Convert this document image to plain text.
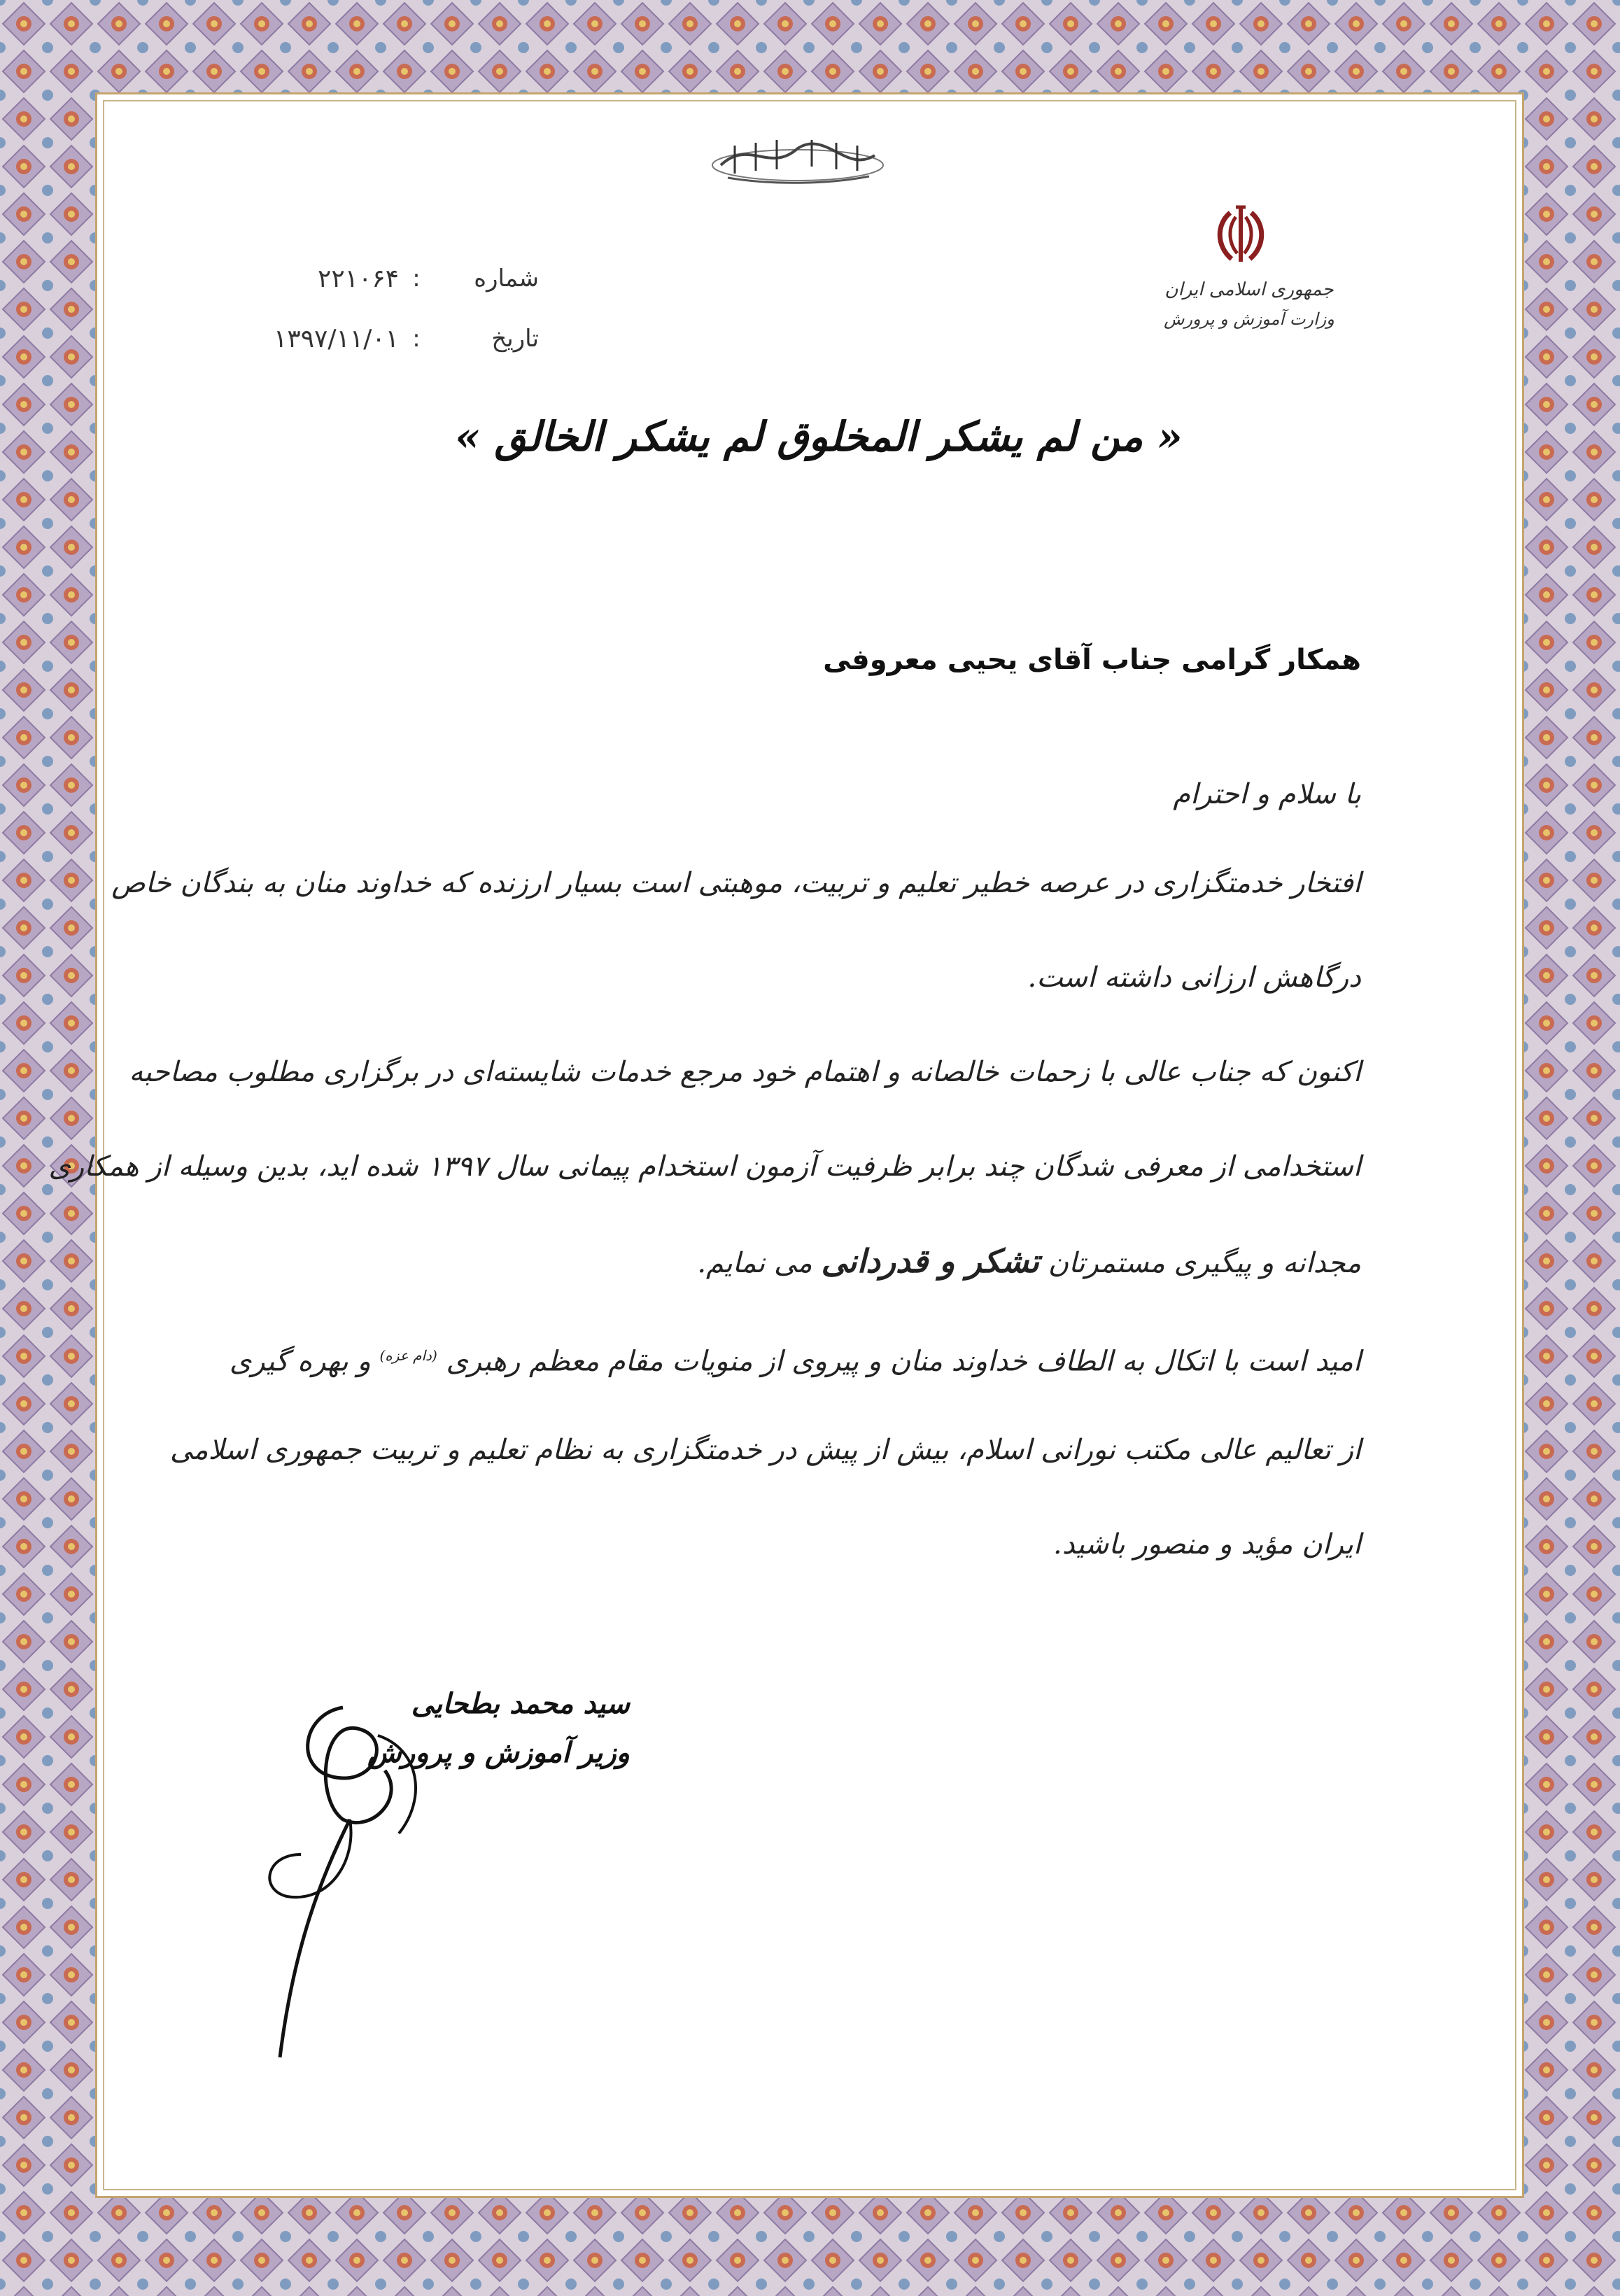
جمهوری اسلامی ایران
وزارت آموزش و پرورش
شماره
:
۲۲۱۰۶۴
تاریخ
:
۱۳۹۷/۱۱/۰۱
« من لم یشکر المخلوق لم یشکر الخالق »
همکار گرامی جناب آقای یحیی معروفی
با سلام و احترام
افتخار خدمتگزاری در عرصه خطیر تعلیم و تربیت، موهبتی است بسیار ارزنده که خداوند منان به بندگان خاص
درگاهش ارزانی داشته است.
اکنون که جناب عالی با زحمات خالصانه و اهتمام خود مرجع خدمات شایسته‌ای در برگزاری مطلوب مصاحبه
استخدامی از معرفی شدگان چند برابر ظرفیت آزمون استخدام پیمانی سال ۱۳۹۷ شده اید، بدین وسیله از همکاری
مجدانه و پیگیری مستمرتان تشکر و قدردانی می نمایم.
امید است با اتکال به الطاف خداوند منان و پیروی از منویات مقام معظم رهبری $^{(دام عزه)}$ و بهره گیری
از تعالیم عالی مکتب نورانی اسلام، بیش از پیش در خدمتگزاری به نظام تعلیم و تربیت جمهوری اسلامی
ایران مؤید و منصور باشید.
سید محمد بطحایی
وزیر آموزش و پرورش
